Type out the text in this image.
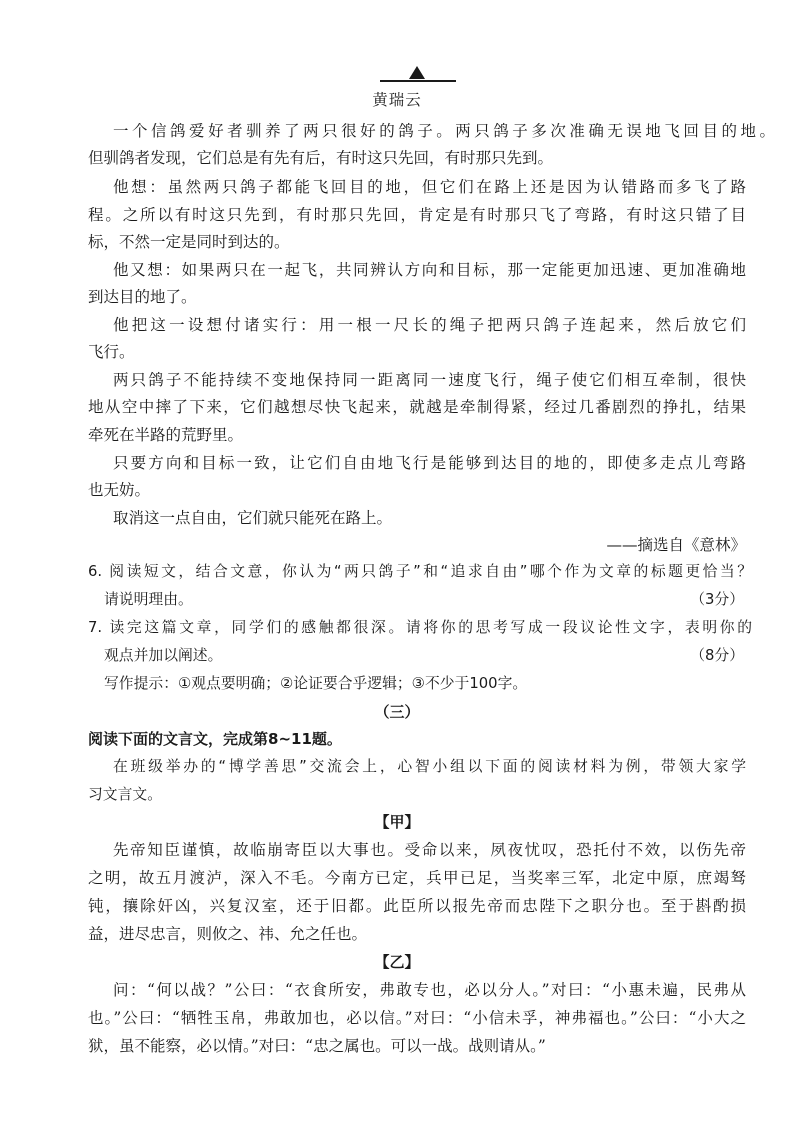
黄瑞云
一个信鸽爱好者驯养了两只很好的鸽子。两只鸽子多次准确无误地飞回目的地。
但驯鸽者发现，它们总是有先有后，有时这只先回，有时那只先到。
他想：虽然两只鸽子都能飞回目的地，但它们在路上还是因为认错路而多飞了路
程。之所以有时这只先到，有时那只先回，肯定是有时那只飞了弯路，有时这只错了目
标，不然一定是同时到达的。
他又想：如果两只在一起飞，共同辨认方向和目标，那一定能更加迅速、更加准确地
到达目的地了。
他把这一设想付诸实行：用一根一尺长的绳子把两只鸽子连起来，然后放它们
飞行。
两只鸽子不能持续不变地保持同一距离同一速度飞行，绳子使它们相互牵制，很快
地从空中摔了下来，它们越想尽快飞起来，就越是牵制得紧，经过几番剧烈的挣扎，结果
牵死在半路的荒野里。
只要方向和目标一致，让它们自由地飞行是能够到达目的地的，即使多走点儿弯路
也无妨。
取消这一点自由，它们就只能死在路上。
——摘选自《意林》
6. 阅读短文，结合文意，你认为“两只鸽子”和“追求自由”哪个作为文章的标题更恰当？
请说明理由。	（3分）
7. 读完这篇文章，同学们的感触都很深。请将你的思考写成一段议论性文字，表明你的
观点并加以阐述。	（8分）
写作提示：①观点要明确；②论证要合乎逻辑；③不少于100字。
（三）
阅读下面的文言文，完成第8~11题。
在班级举办的“博学善思”交流会上，心智小组以下面的阅读材料为例，带领大家学
习文言文。
【甲】
先帝知臣谨慎，故临崩寄臣以大事也。受命以来，夙夜忧叹，恐托付不效，以伤先帝
之明，故五月渡泸，深入不毛。今南方已定，兵甲已足，当奖率三军，北定中原，庶竭驽
钝，攘除奸凶，兴复汉室，还于旧都。此臣所以报先帝而忠陛下之职分也。至于斟酌损
益，进尽忠言，则攸之、祎、允之任也。
【乙】
问：“何以战？”公曰：“衣食所安，弗敢专也，必以分人。”对曰：“小惠未遍，民弗从
也。”公曰：“牺牲玉帛，弗敢加也，必以信。”对曰：“小信未孚，神弗福也。”公曰：“小大之
狱，虽不能察，必以情。”对曰：“忠之属也。可以一战。战则请从。”
